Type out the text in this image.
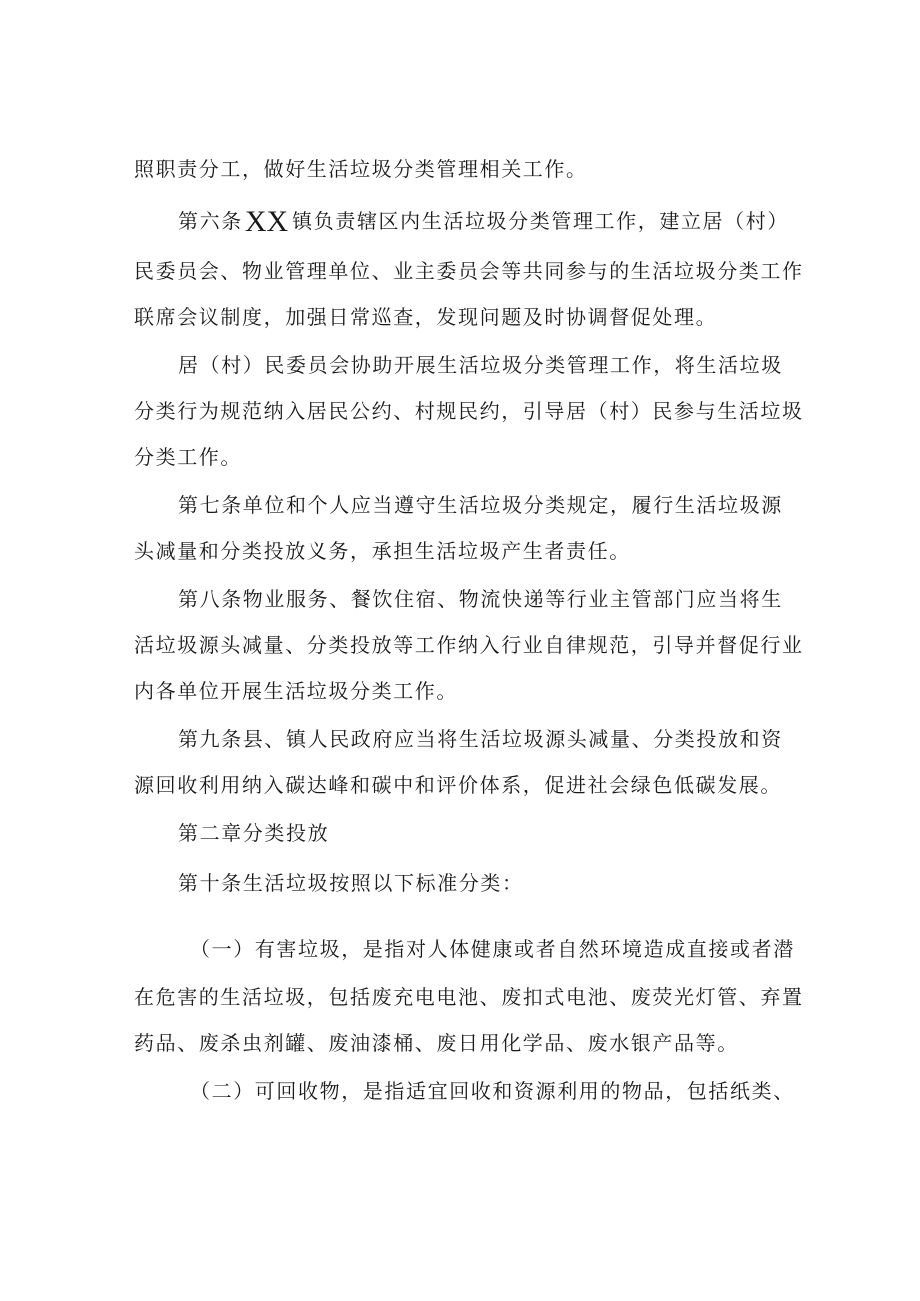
照职责分工，做好生活垃圾分类管理相关工作。
第六条XX 镇负责辖区内生活垃圾分类管理工作，建立居（村）
民委员会、物业管理单位、业主委员会等共同参与的生活垃圾分类工作
联席会议制度，加强日常巡查，发现问题及时协调督促处理。
居（村）民委员会协助开展生活垃圾分类管理工作，将生活垃圾
分类行为规范纳入居民公约、村规民约，引导居（村）民参与生活垃圾
分类工作。
第七条单位和个人应当遵守生活垃圾分类规定，履行生活垃圾源
头减量和分类投放义务，承担生活垃圾产生者责任。
第八条物业服务、餐饮住宿、物流快递等行业主管部门应当将生
活垃圾源头减量、分类投放等工作纳入行业自律规范，引导并督促行业
内各单位开展生活垃圾分类工作。
第九条县、镇人民政府应当将生活垃圾源头减量、分类投放和资
源回收利用纳入碳达峰和碳中和评价体系，促进社会绿色低碳发展。
第二章分类投放
第十条生活垃圾按照以下标准分类：
（一）有害垃圾，是指对人体健康或者自然环境造成直接或者潜
在危害的生活垃圾，包括废充电电池、废扣式电池、废荧光灯管、弃置
药品、废杀虫剂罐、废油漆桶、废日用化学品、废水银产品等。
（二）可回收物，是指适宜回收和资源利用的物品，包括纸类、
